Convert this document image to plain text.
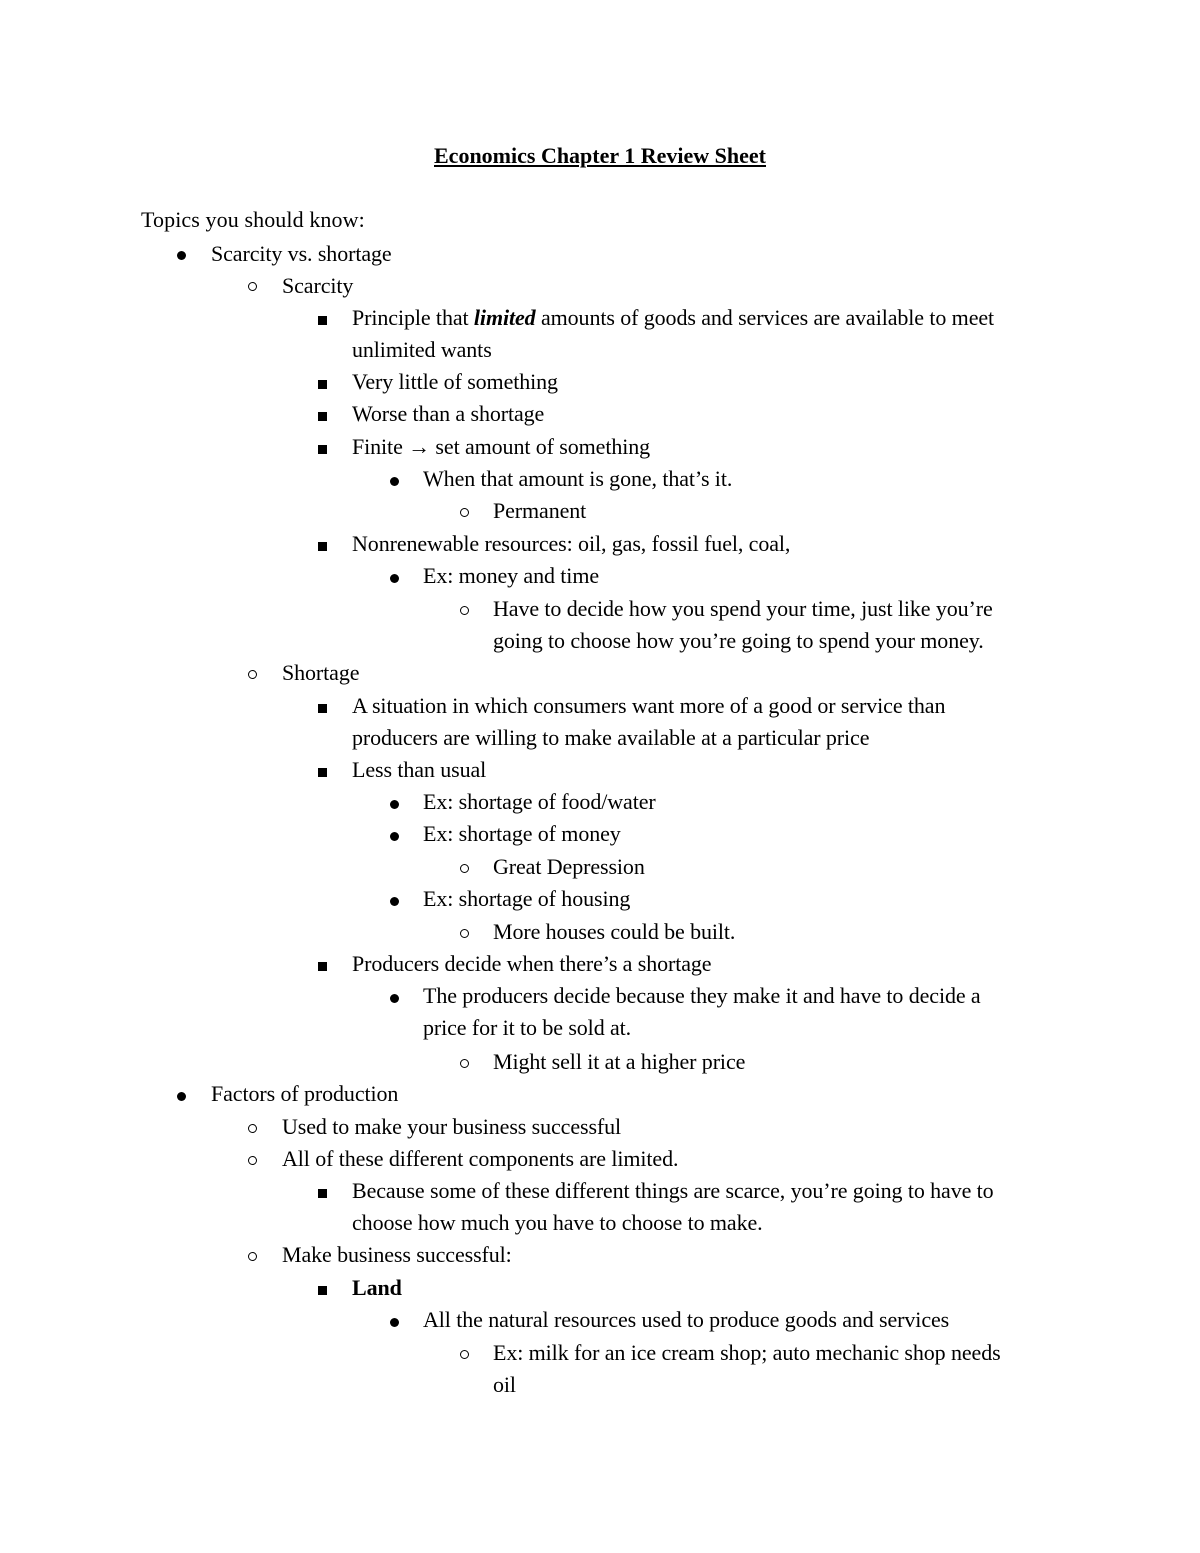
Economics Chapter 1 Review Sheet
Topics you should know:
Scarcity vs. shortage
Scarcity
Principle that limited amounts of goods and services are available to meet
unlimited wants
Very little of something
Worse than a shortage
Finite → set amount of something
When that amount is gone, that’s it.
Permanent
Nonrenewable resources: oil, gas, fossil fuel, coal,
Ex: money and time
Have to decide how you spend your time, just like you’re
going to choose how you’re going to spend your money.
Shortage
A situation in which consumers want more of a good or service than
producers are willing to make available at a particular price
Less than usual
Ex: shortage of food/water
Ex: shortage of money
Great Depression
Ex: shortage of housing
More houses could be built.
Producers decide when there’s a shortage
The producers decide because they make it and have to decide a
price for it to be sold at.
Might sell it at a higher price
Factors of production
Used to make your business successful
All of these different components are limited.
Because some of these different things are scarce, you’re going to have to
choose how much you have to choose to make.
Make business successful:
Land
All the natural resources used to produce goods and services
Ex: milk for an ice cream shop; auto mechanic shop needs
oil
